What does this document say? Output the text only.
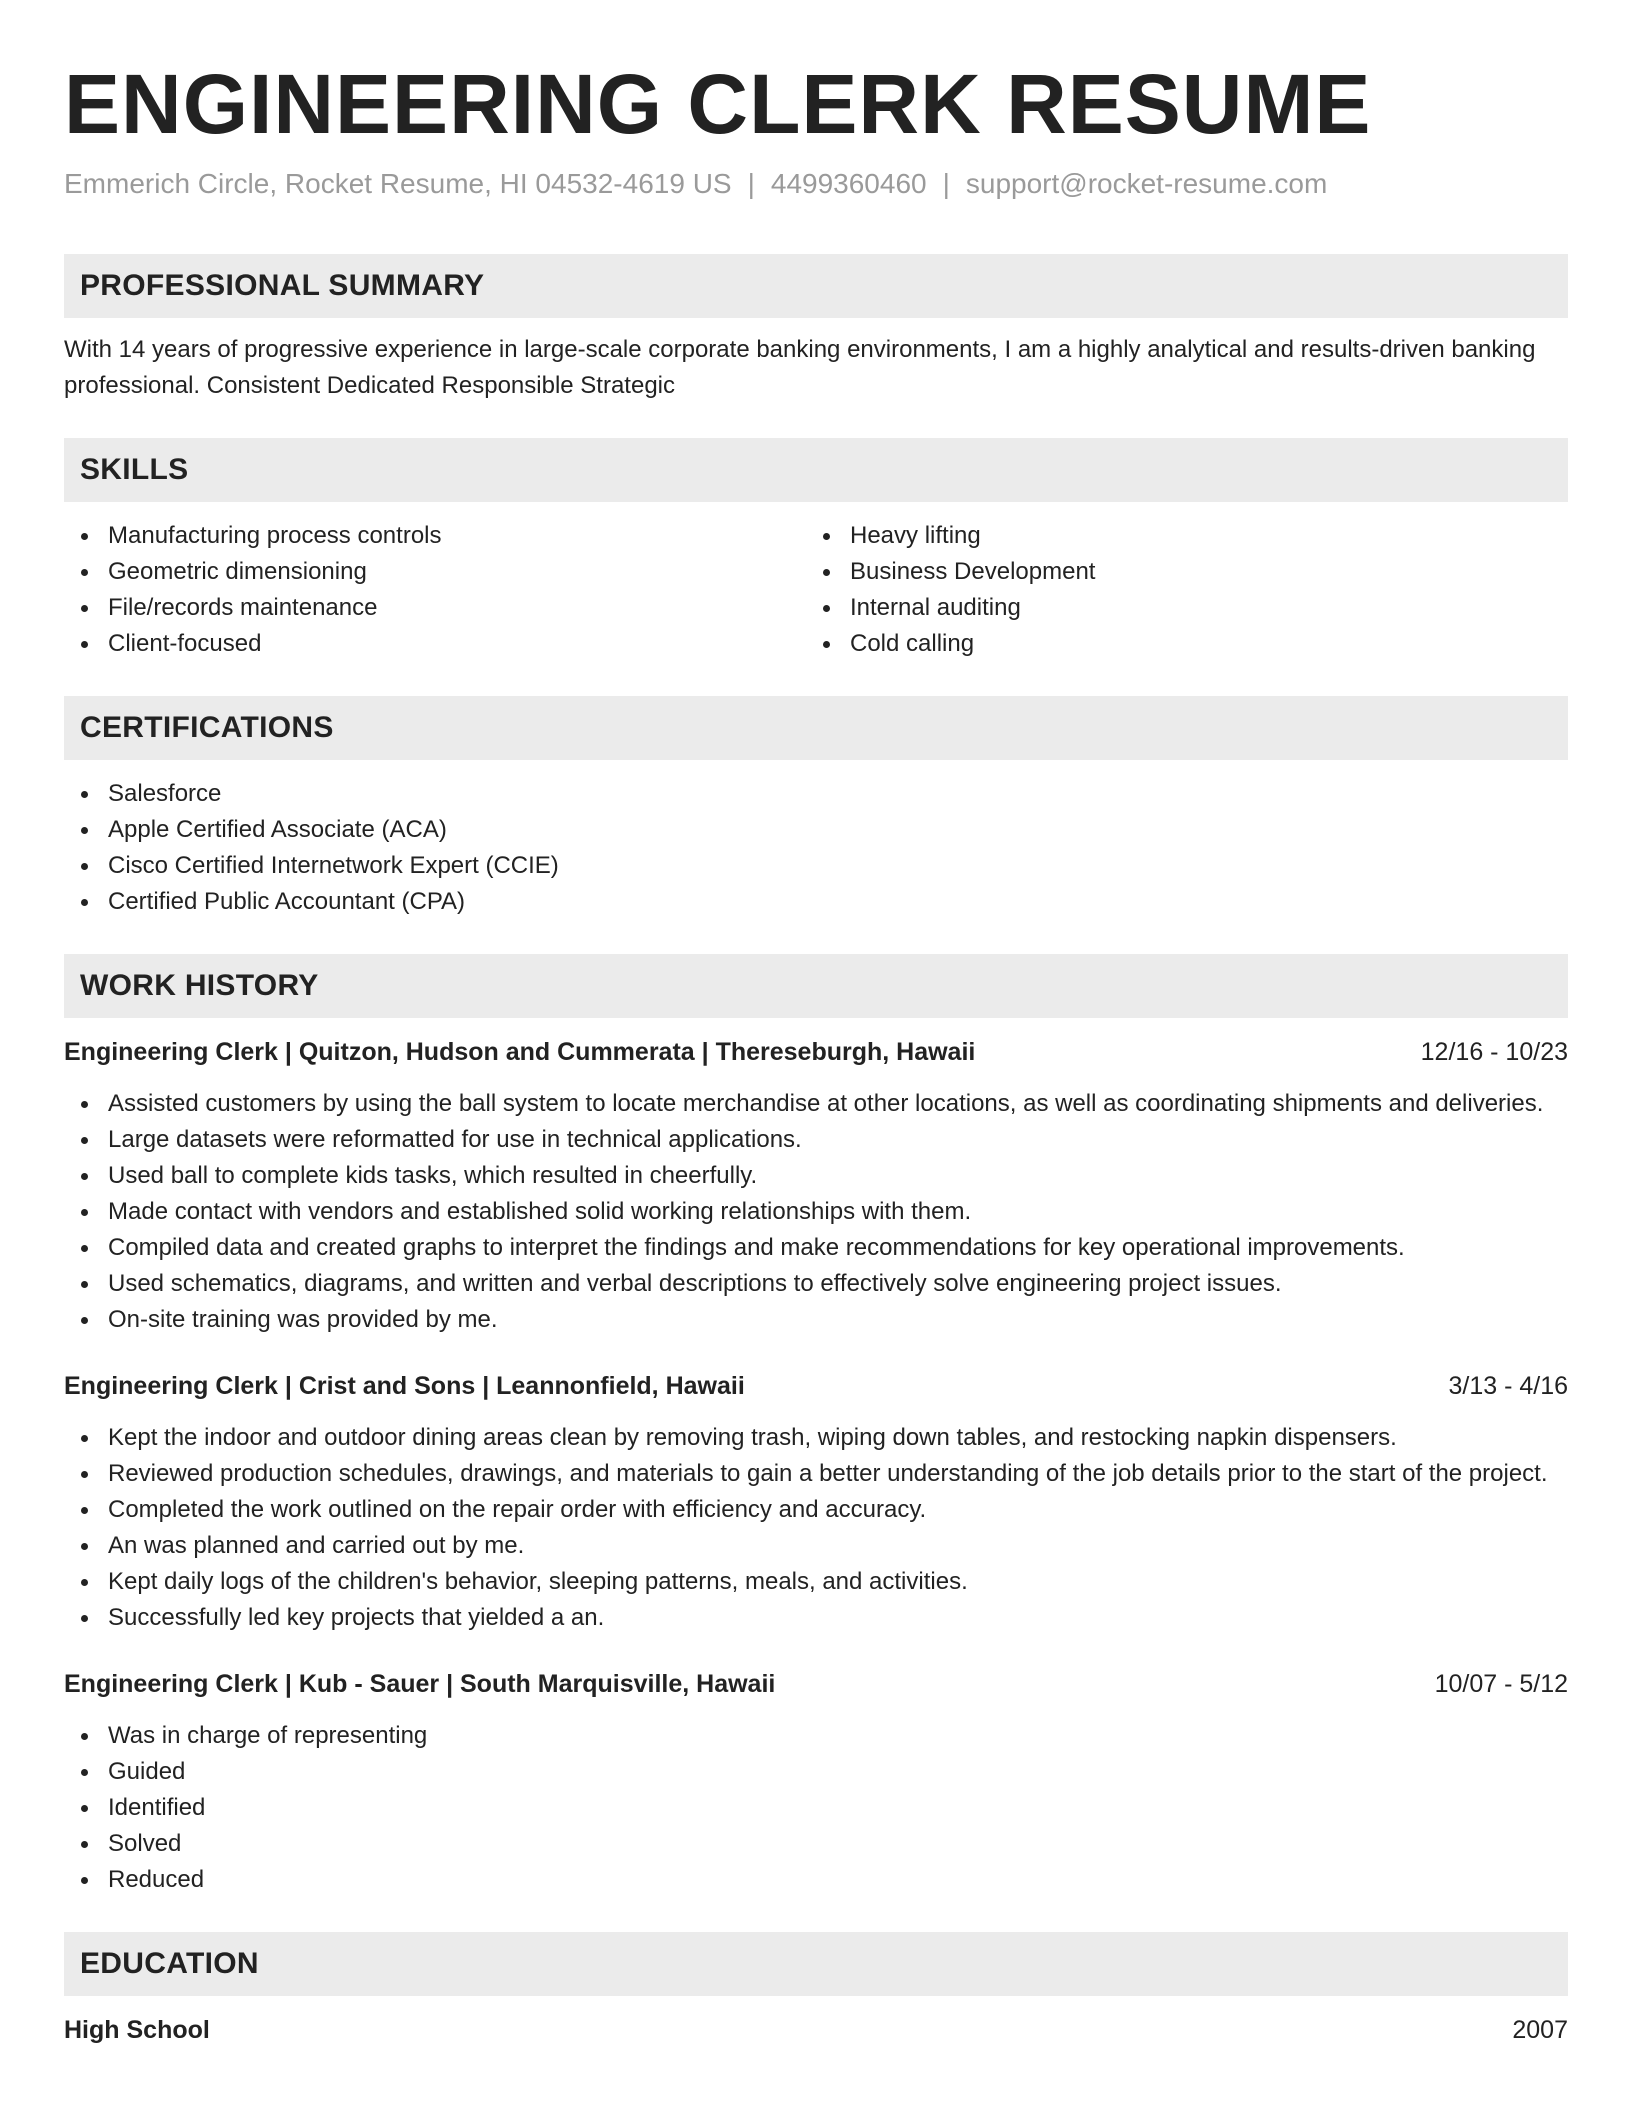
ENGINEERING CLERK RESUME
Emmerich Circle, Rocket Resume, HI 04532-4619 US | 4499360460 | support@rocket-resume.com
PROFESSIONAL SUMMARY

With 14 years of progressive experience in large-scale corporate banking environments, I am a highly analytical and results-driven banking professional. Consistent Dedicated Responsible Strategic

SKILLS
Manufacturing process controls
Geometric dimensioning
File/records maintenance
Client-focused
Heavy lifting
Business Development
Internal auditing
Cold calling
CERTIFICATIONS
Salesforce
Apple Certified Associate (ACA)
Cisco Certified Internetwork Expert (CCIE)
Certified Public Accountant (CPA)
WORK HISTORY
Engineering Clerk | Quitzon, Hudson and Cummerata | Thereseburgh, Hawaii	12/16 - 10/23
Assisted customers by using the ball system to locate merchandise at other locations, as well as coordinating shipments and deliveries.
Large datasets were reformatted for use in technical applications.
Used ball to complete kids tasks, which resulted in cheerfully.
Made contact with vendors and established solid working relationships with them.
Compiled data and created graphs to interpret the findings and make recommendations for key operational improvements.
Used schematics, diagrams, and written and verbal descriptions to effectively solve engineering project issues.
On-site training was provided by me.
Engineering Clerk | Crist and Sons | Leannonfield, Hawaii	3/13 - 4/16
Kept the indoor and outdoor dining areas clean by removing trash, wiping down tables, and restocking napkin dispensers.
Reviewed production schedules, drawings, and materials to gain a better understanding of the job details prior to the start of the project.
Completed the work outlined on the repair order with efficiency and accuracy.
An was planned and carried out by me.
Kept daily logs of the children's behavior, sleeping patterns, meals, and activities.
Successfully led key projects that yielded a an.
Engineering Clerk | Kub - Sauer | South Marquisville, Hawaii	10/07 - 5/12
Was in charge of representing
Guided
Identified
Solved
Reduced
EDUCATION
High School	2007
